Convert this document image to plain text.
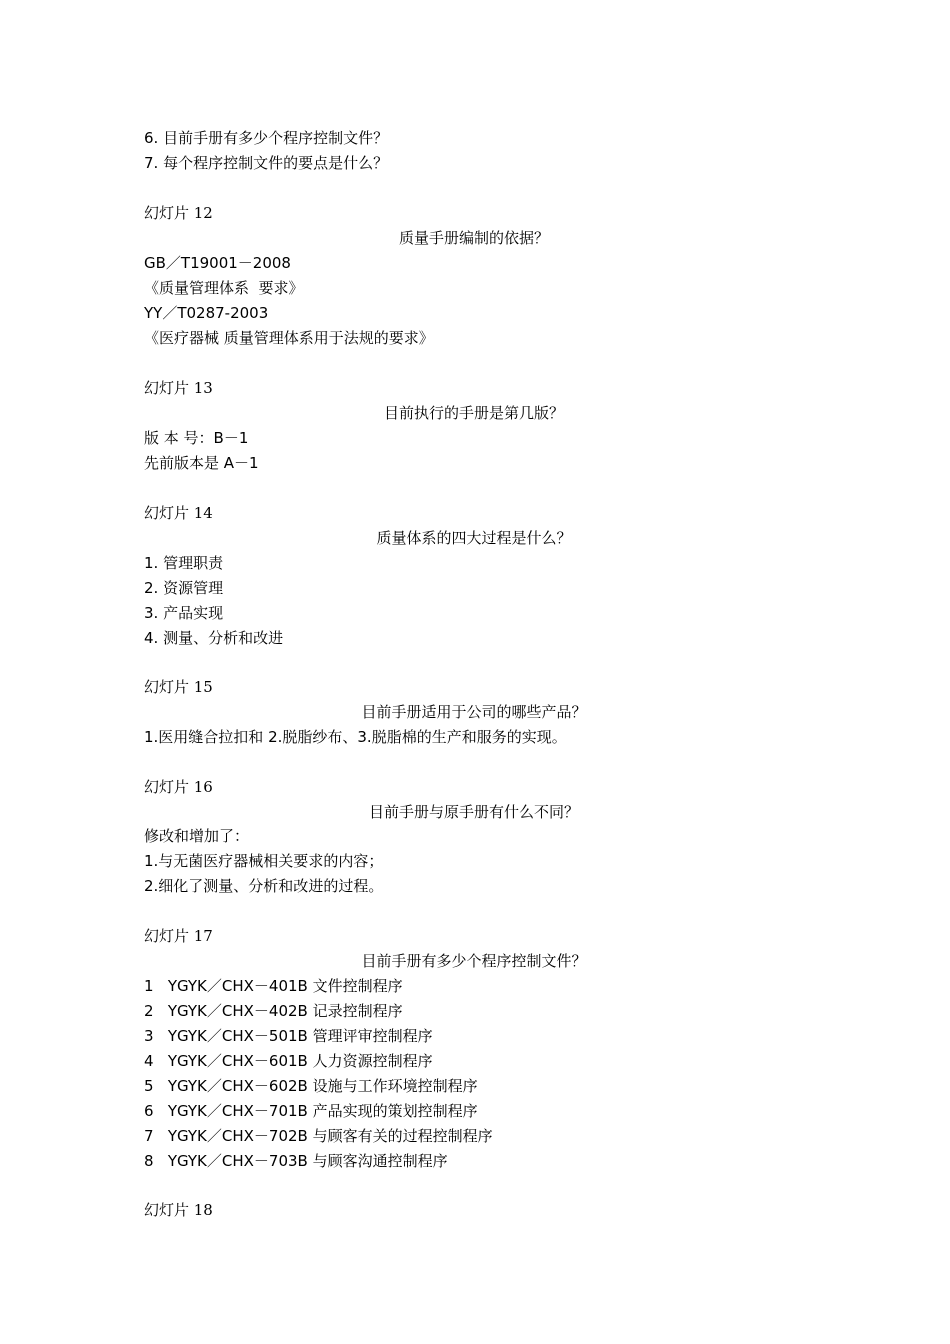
6. 目前手册有多少个程序控制文件？
7. 每个程序控制文件的要点是什么？
幻灯片 12
质量手册编制的依据？
GB／T19001－2008
《质量管理体系  要求》
YY／T0287-2003
《医疗器械 质量管理体系用于法规的要求》
幻灯片 13
目前执行的手册是第几版？
版 本 号：B－1
先前版本是 A－1
幻灯片 14
质量体系的四大过程是什么？
1. 管理职责
2. 资源管理
3. 产品实现
4. 测量、分析和改进
幻灯片 15
目前手册适用于公司的哪些产品？
1.医用缝合拉扣和 2.脱脂纱布、3.脱脂棉的生产和服务的实现。
幻灯片 16
目前手册与原手册有什么不同？
修改和增加了：
1.与无菌医疗器械相关要求的内容；
2.细化了测量、分析和改进的过程。
幻灯片 17
目前手册有多少个程序控制文件？
1   YGYK／CHX－401B 文件控制程序
2   YGYK／CHX－402B 记录控制程序
3   YGYK／CHX－501B 管理评审控制程序
4   YGYK／CHX－601B 人力资源控制程序
5   YGYK／CHX－602B 设施与工作环境控制程序
6   YGYK／CHX－701B 产品实现的策划控制程序
7   YGYK／CHX－702B 与顾客有关的过程控制程序
8   YGYK／CHX－703B 与顾客沟通控制程序
幻灯片 18
